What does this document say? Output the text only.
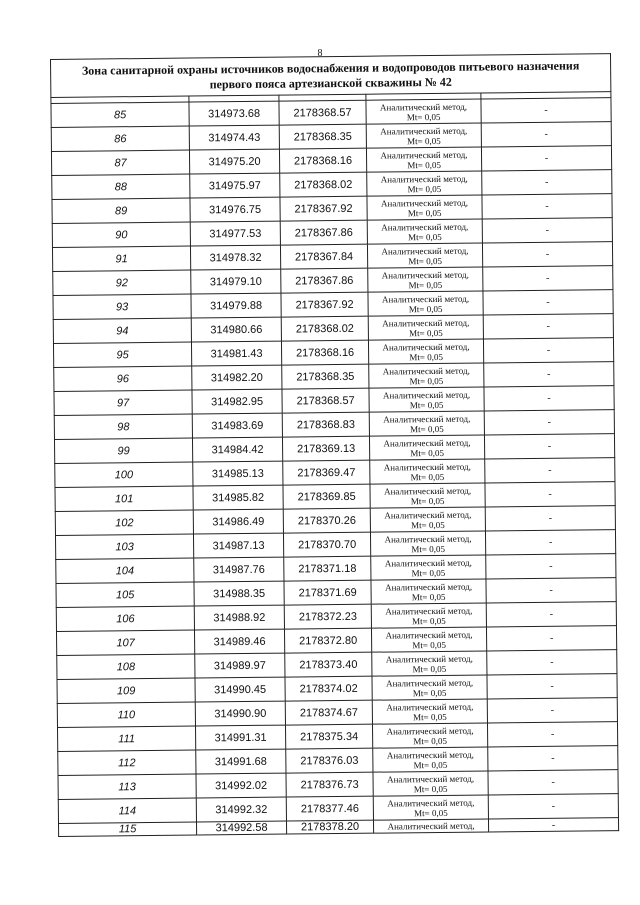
8
Зона санитарной охраны источников водоснабжения и водопроводов питьевого назначения
первого пояса артезианской скважины № 42				

85	314973.68	2178368.57	Аналитический метод,
Mt= 0,05	-
86	314974.43	2178368.35	Аналитический метод,
Mt= 0,05	-
87	314975.20	2178368.16	Аналитический метод,
Mt= 0,05	-
88	314975.97	2178368.02	Аналитический метод,
Mt= 0,05	-
89	314976.75	2178367.92	Аналитический метод,
Mt= 0,05	-
90	314977.53	2178367.86	Аналитический метод,
Mt= 0,05	-
91	314978.32	2178367.84	Аналитический метод,
Mt= 0,05	-
92	314979.10	2178367.86	Аналитический метод,
Mt= 0,05	-
93	314979.88	2178367.92	Аналитический метод,
Mt= 0,05	-
94	314980.66	2178368.02	Аналитический метод,
Mt= 0,05	-
95	314981.43	2178368.16	Аналитический метод,
Mt= 0,05	-
96	314982.20	2178368.35	Аналитический метод,
Mt= 0,05	-
97	314982.95	2178368.57	Аналитический метод,
Mt= 0,05	-
98	314983.69	2178368.83	Аналитический метод,
Mt= 0,05	-
99	314984.42	2178369.13	Аналитический метод,
Mt= 0,05	-
100	314985.13	2178369.47	Аналитический метод,
Mt= 0,05	-
101	314985.82	2178369.85	Аналитический метод,
Mt= 0,05	-
102	314986.49	2178370.26	Аналитический метод,
Mt= 0,05	-
103	314987.13	2178370.70	Аналитический метод,
Mt= 0,05	-
104	314987.76	2178371.18	Аналитический метод,
Mt= 0,05	-
105	314988.35	2178371.69	Аналитический метод,
Mt= 0,05	-
106	314988.92	2178372.23	Аналитический метод,
Mt= 0,05	-
107	314989.46	2178372.80	Аналитический метод,
Mt= 0,05	-
108	314989.97	2178373.40	Аналитический метод,
Mt= 0,05	-
109	314990.45	2178374.02	Аналитический метод,
Mt= 0,05	-
110	314990.90	2178374.67	Аналитический метод,
Mt= 0,05	-
111	314991.31	2178375.34	Аналитический метод,
Mt= 0,05	-
112	314991.68	2178376.03	Аналитический метод,
Mt= 0,05	-
113	314992.02	2178376.73	Аналитический метод,
Mt= 0,05	-
114	314992.32	2178377.46	Аналитический метод,
Mt= 0,05	-
115	314992.58	2178378.20	Аналитический метод,	-
